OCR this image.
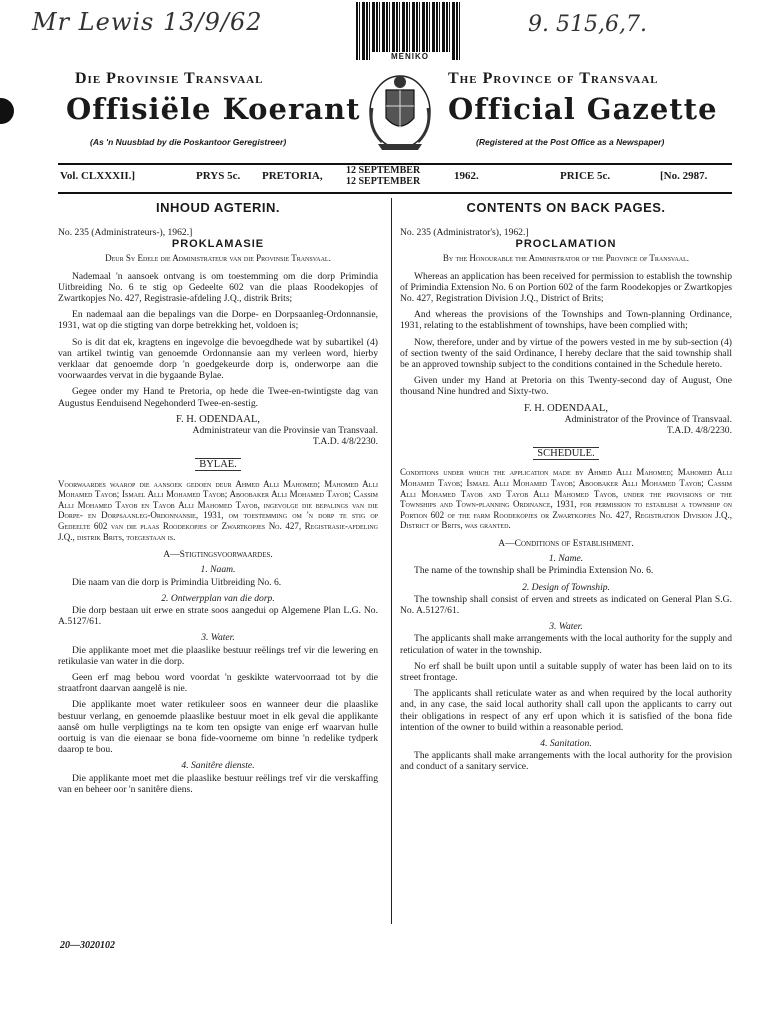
Mr Lewis 13/9/62	9. 515,6,7.
MENIKO
Die Provinsie Transvaal	The Province of Transvaal
Offisiële Koerant	Official Gazette
(As 'n Nuusblad by die Poskantoor Geregistreer)	(Registered at the Post Office as a Newspaper)
Vol. CLXXXII.]	PRYS 5c. PRETORIA, 12 SEPTEMBER
12 SEPTEMBER	1962.	PRICE 5c.	[No. 2987.
INHOUD AGTERIN.
No. 235 (Administrateurs-), 1962.]
PROKLAMASIE
Deur Sy Edele die Administrateur van die Provinsie Transvaal.
Nademaal 'n aansoek ontvang is om toestemming om die dorp Primindia Uitbreiding No. 6 te stig op Gedeelte 602 van die plaas Roodekopjes of Zwartkopjes No. 427, Registrasie-afdeling J.Q., distrik Brits;
En nademaal aan die bepalings van die Dorpe- en Dorpsaanleg-Ordonnansie, 1931, wat op die stigting van dorpe betrekking het, voldoen is;
So is dit dat ek, kragtens en ingevolge die bevoegdhede wat by subartikel (4) van artikel twintig van genoemde Ordonnansie aan my verleen word, hierby verklaar dat genoemde dorp 'n goedgekeurde dorp is, onderworpe aan die voorwaardes vervat in die bygaande Bylae.
Gegee onder my Hand te Pretoria, op hede die Twee-en-twintigste dag van Augustus Eenduisend Negehonderd Twee-en-sestig.
F. H. ODENDAAL,
Administrateur van die Provinsie van Transvaal.
T.A.D. 4/8/2230.
BYLAE.
Voorwaardes waarop die aansoek gedoen deur Ahmed Alli Mahomed; Mahomed Alli Mohamed Tayob; Ismael Alli Mohamed Tayob; Aboobaker Alli Mohamed Tayob; Cassim Alli Mohamed Tayob en Tayob Alli Mahomed Tayob, ingevolge die bepalings van die Dorpe- en Dorpsaanleg-Ordonnansie, 1931, om toestemming om 'n dorp te stig op Gedeelte 602 van die plaas Roodekopjes of Zwartkopjes No. 427, Registrasie-afdeling J.Q., distrik Brits, toegestaan is.
A—Stigtingsvoorwaardes.
1. Naam.
Die naam van die dorp is Primindia Uitbreiding No. 6.
2. Ontwerpplan van die dorp.
Die dorp bestaan uit erwe en strate soos aangedui op Algemene Plan L.G. No. A.5127/61.
3. Water.
Die applikante moet met die plaaslike bestuur reëlings tref vir die lewering en retikulasie van water in die dorp.
Geen erf mag bebou word voordat 'n geskikte watervoorraad tot by die straatfront daarvan aangelê is nie.
Die applikante moet water retikuleer soos en wanneer deur die plaaslike bestuur verlang, en genoemde plaaslike bestuur moet in elk geval die applikante aansê om hulle verpligtings na te kom ten opsigte van enige erf waarvan hulle oortuig is van die eienaar se bona fide-voorneme om binne 'n redelike tydperk daarop te bou.
4. Sanitêre dienste.
Die applikante moet met die plaaslike bestuur reëlings tref vir die verskaffing van en beheer oor 'n sanitêre diens.
CONTENTS ON BACK PAGES.
No. 235 (Administrator's), 1962.]
PROCLAMATION
By the Honourable the Administrator of the Province of Transvaal.
Whereas an application has been received for permission to establish the township of Primindia Extension No. 6 on Portion 602 of the farm Roodekopjes or Zwartkopjes No. 427, Registration Division J.Q., District of Brits;
And whereas the provisions of the Townships and Town-planning Ordinance, 1931, relating to the establishment of townships, have been complied with;
Now, therefore, under and by virtue of the powers vested in me by sub-section (4) of section twenty of the said Ordinance, I hereby declare that the said township shall be an approved township subject to the conditions contained in the Schedule hereto.
Given under my Hand at Pretoria on this Twenty-second day of August, One thousand Nine hundred and Sixty-two.
F. H. ODENDAAL,
Administrator of the Province of Transvaal.
T.A.D. 4/8/2230.
SCHEDULE.
Conditions under which the application made by Ahmed Alli Mahomed; Mahomed Alli Mohamed Tayob; Ismael Alli Mohamed Tayob; Aboobaker Alli Mohamed Tayob; Cassim Alli Mohamed Tayob and Tayob Alli Mahomed Tayob, under the provisions of the Townships and Town-planning Ordinance, 1931, for permission to establish a township on Portion 602 of the farm Roodekopjes or Zwartkopjes No. 427, Registration Division J.Q., District of Brits, was granted.
A—Conditions of Establishment.
1. Name.
The name of the township shall be Primindia Extension No. 6.
2. Design of Township.
The township shall consist of erven and streets as indicated on General Plan S.G. No. A.5127/61.
3. Water.
The applicants shall make arrangements with the local authority for the supply and reticulation of water in the township.
No erf shall be built upon until a suitable supply of water has been laid on to its street frontage.
The applicants shall reticulate water as and when required by the local authority and, in any case, the said local authority shall call upon the applicants to carry out their obligations in respect of any erf upon which it is satisfied of the bona fide intention of the owner to build within a reasonable period.
4. Sanitation.
The applicants shall make arrangements with the local authority for the provision and conduct of a sanitary service.
20—3020102
